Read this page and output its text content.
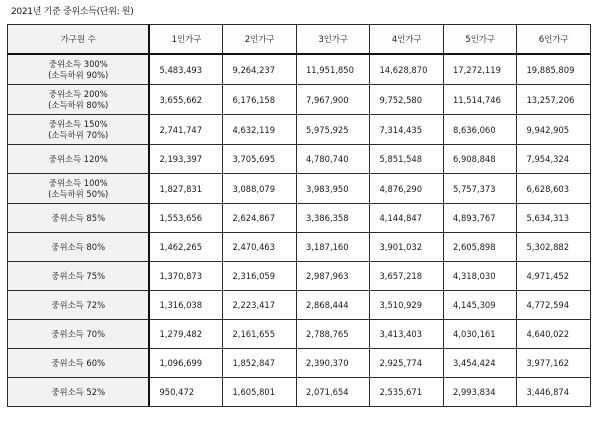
2021년 기준 중위소득(단위: 원)
가구원 수	1인가구	2인가구	3인가구	4인가구	5인가구	6인가구

중위소득 300%
(소득하위 90%)	5,483,493	9,264,237	11,951,850	14,628,870	17,272,119	19,885,809

중위소득 200%
(소득하위 80%)	3,655,662	6,176,158	7,967,900	9,752,580	11,514,746	13,257,206

중위소득 150%
(소득하위 70%)	2,741,747	4,632,119	5,975,925	7,314,435	8,636,060	9,942,905

중위소득 120%	2,193,397	3,705,695	4,780,740	5,851,548	6,908,848	7,954,324

중위소득 100%
(소득하위 50%)	1,827,831	3,088,079	3,983,950	4,876,290	5,757,373	6,628,603

중위소득 85%	1,553,656	2,624,867	3,386,358	4,144,847	4,893,767	5,634,313

중위소득 80%	1,462,265	2,470,463	3,187,160	3,901,032	2,605,898	5,302,882

중위소득 75%	1,370,873	2,316,059	2,987,963	3,657,218	4,318,030	4,971,452

중위소득 72%	1,316,038	2,223,417	2,868,444	3,510,929	4,145,309	4,772,594

중위소득 70%	1,279,482	2,161,655	2,788,765	3,413,403	4,030,161	4,640,022

중위소득 60%	1,096,699	1,852,847	2,390,370	2,925,774	3,454,424	3,977,162

중위소득 52%	950,472	1,605,801	2,071,654	2,535,671	2,993,834	3,446,874
